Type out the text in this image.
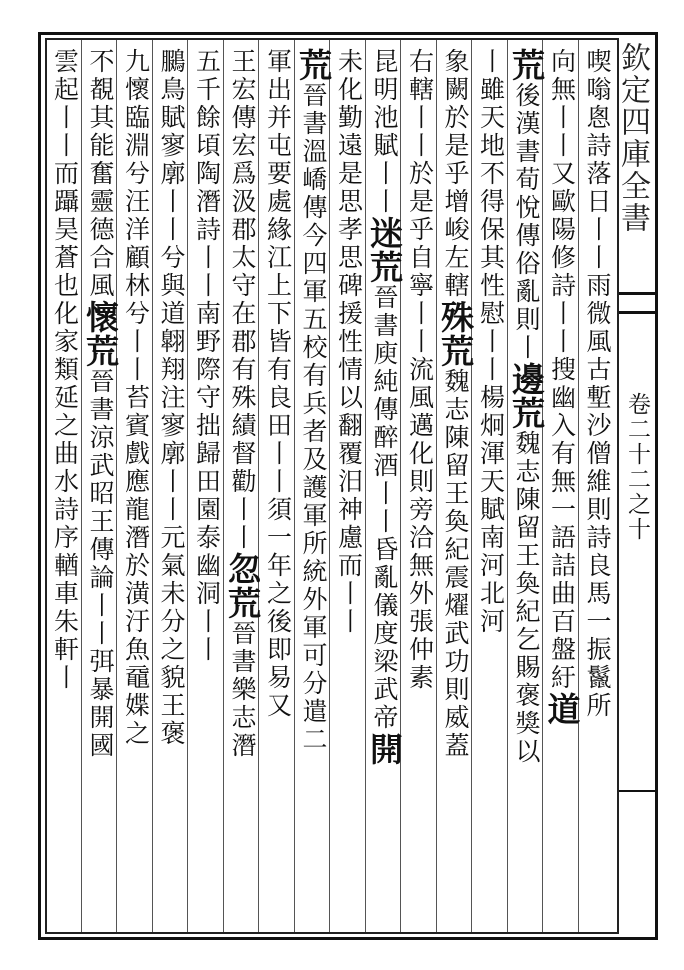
欽定四庫全書
卷二十二之十
喫嗡悤詩落日丨丨雨微風古塹沙僧維則詩良馬一振鬣所
向無丨丨又歐陽修詩丨丨搜幽入有無一語詰曲百盤紆道
荒後漢書荀悅傳俗亂則丨邊荒魏志陳留王奐紀乞賜褒獎以
丨雖天地不得保其性慰丨丨楊炯渾天賦南河北河
象闕於是乎增峻左轄殊荒魏志陳留王奐紀震燿武功則威蓋
右轄丨丨於是乎自寧丨丨流風邁化則旁洽無外張仲素
昆明池賦丨丨迷荒晉書庾純傳醉酒丨丨昏亂儀度梁武帝開
未化勤遠是思孝思碑援性情以翻覆汨神慮而丨丨
荒晉書溫嶠傳今四軍五校有兵者及護軍所統外軍可分遣二
軍出并屯要處緣江上下皆有良田丨丨須一年之後即易又
王宏傳宏爲汲郡太守在郡有殊績督勸丨丨忽荒晉書樂志潛
五千餘頃陶潛詩丨丨南野際守拙歸田園泰幽洞丨丨
鵩鳥賦寥廓丨丨兮與道翺翔注寥廓丨丨元氣未分之貌王褒
九懷臨淵兮汪洋顧林兮丨丨苔賓戲應龍潛於潢汙魚黿媟之
不覩其能奮靈德合風懷荒晉書涼武昭王傳論丨丨弭暴開國
雲起丨丨而躡昊蒼也化家類延之曲水詩序輶車朱軒丨
